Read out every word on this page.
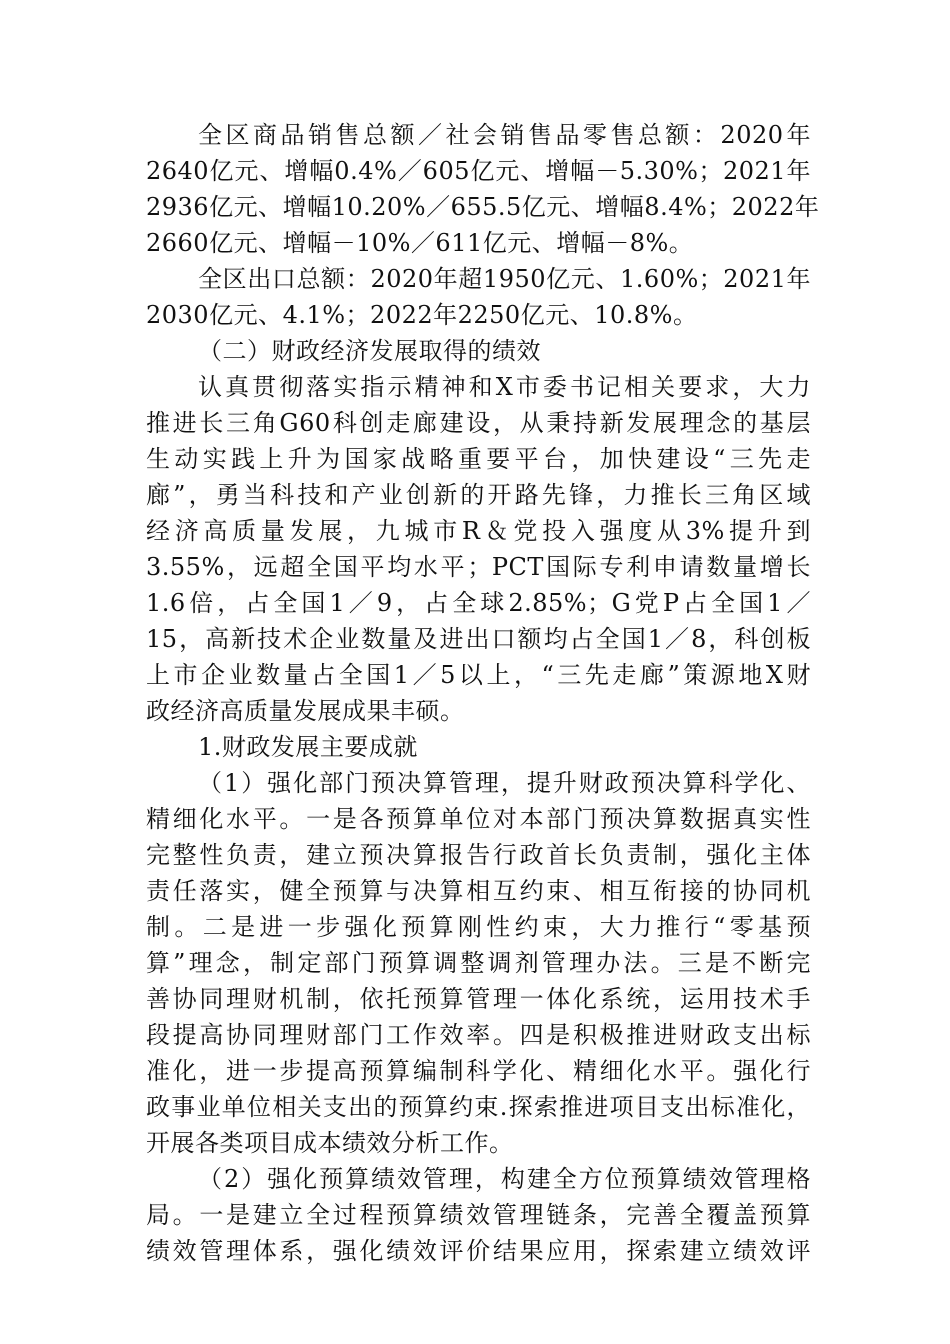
全区商品销售总额／社会销售品零售总额：2020年
2640亿元、增幅0.4%／605亿元、增幅－5.30%；2021年
2936亿元、增幅10.20%／655.5亿元、增幅8.4%；2022年
2660亿元、增幅－10%／611亿元、增幅－8%。
全区出口总额：2020年超1950亿元、1.60%；2021年
2030亿元、4.1%；2022年2250亿元、10.8%。
（二）财政经济发展取得的绩效
认真贯彻落实指示精神和X市委书记相关要求，大力
推进长三角G60科创走廊建设，从秉持新发展理念的基层
生动实践上升为国家战略重要平台，加快建设“三先走
廊”，勇当科技和产业创新的开路先锋，力推长三角区域
经济高质量发展，九城市R＆党投入强度从3%提升到
3.55%，远超全国平均水平；PCT国际专利申请数量增长
1.6倍，占全国1／9，占全球2.85%；G党P占全国1／
15，高新技术企业数量及进出口额均占全国1／8，科创板
上市企业数量占全国1／5以上，“三先走廊”策源地X财
政经济高质量发展成果丰硕。
1.财政发展主要成就
（1）强化部门预决算管理，提升财政预决算科学化、
精细化水平。一是各预算单位对本部门预决算数据真实性
完整性负责，建立预决算报告行政首长负责制，强化主体
责任落实，健全预算与决算相互约束、相互衔接的协同机
制。二是进一步强化预算刚性约束，大力推行“零基预
算”理念，制定部门预算调整调剂管理办法。三是不断完
善协同理财机制，依托预算管理一体化系统，运用技术手
段提高协同理财部门工作效率。四是积极推进财政支出标
准化，进一步提高预算编制科学化、精细化水平。强化行
政事业单位相关支出的预算约束.探索推进项目支出标准化，
开展各类项目成本绩效分析工作。
（2）强化预算绩效管理，构建全方位预算绩效管理格
局。一是建立全过程预算绩效管理链条，完善全覆盖预算
绩效管理体系，强化绩效评价结果应用，探索建立绩效评
